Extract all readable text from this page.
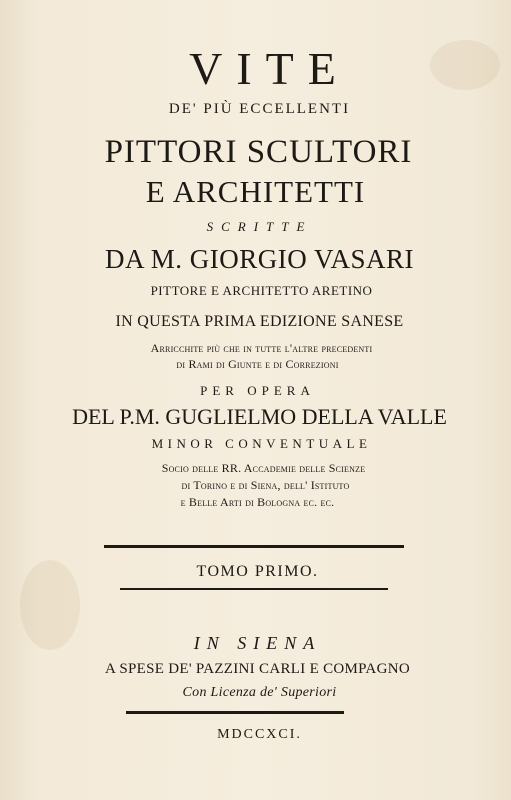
VITE
DE' PIÙ ECCELLENTI
PITTORI SCULTORI
E ARCHITETTI
SCRITTE
DA M. GIORGIO VASARI
PITTORE E ARCHITETTO ARETINO
IN QUESTA PRIMA EDIZIONE SANESE
Arricchite più che in tutte l'altre precedenti
di Rami di Giunte e di Correzioni
PER OPERA
DEL P.M. GUGLIELMO DELLA VALLE
MINOR CONVENTUALE
Socio delle RR. Accademie delle Scienze
di Torino e di Siena, dell' Istituto
e Belle Arti di Bologna ec. ec.
TOMO PRIMO.
IN SIENA
A SPESE DE' PAZZINI CARLI E COMPAGNO
Con Licenza de' Superiori
MDCCXCI.
